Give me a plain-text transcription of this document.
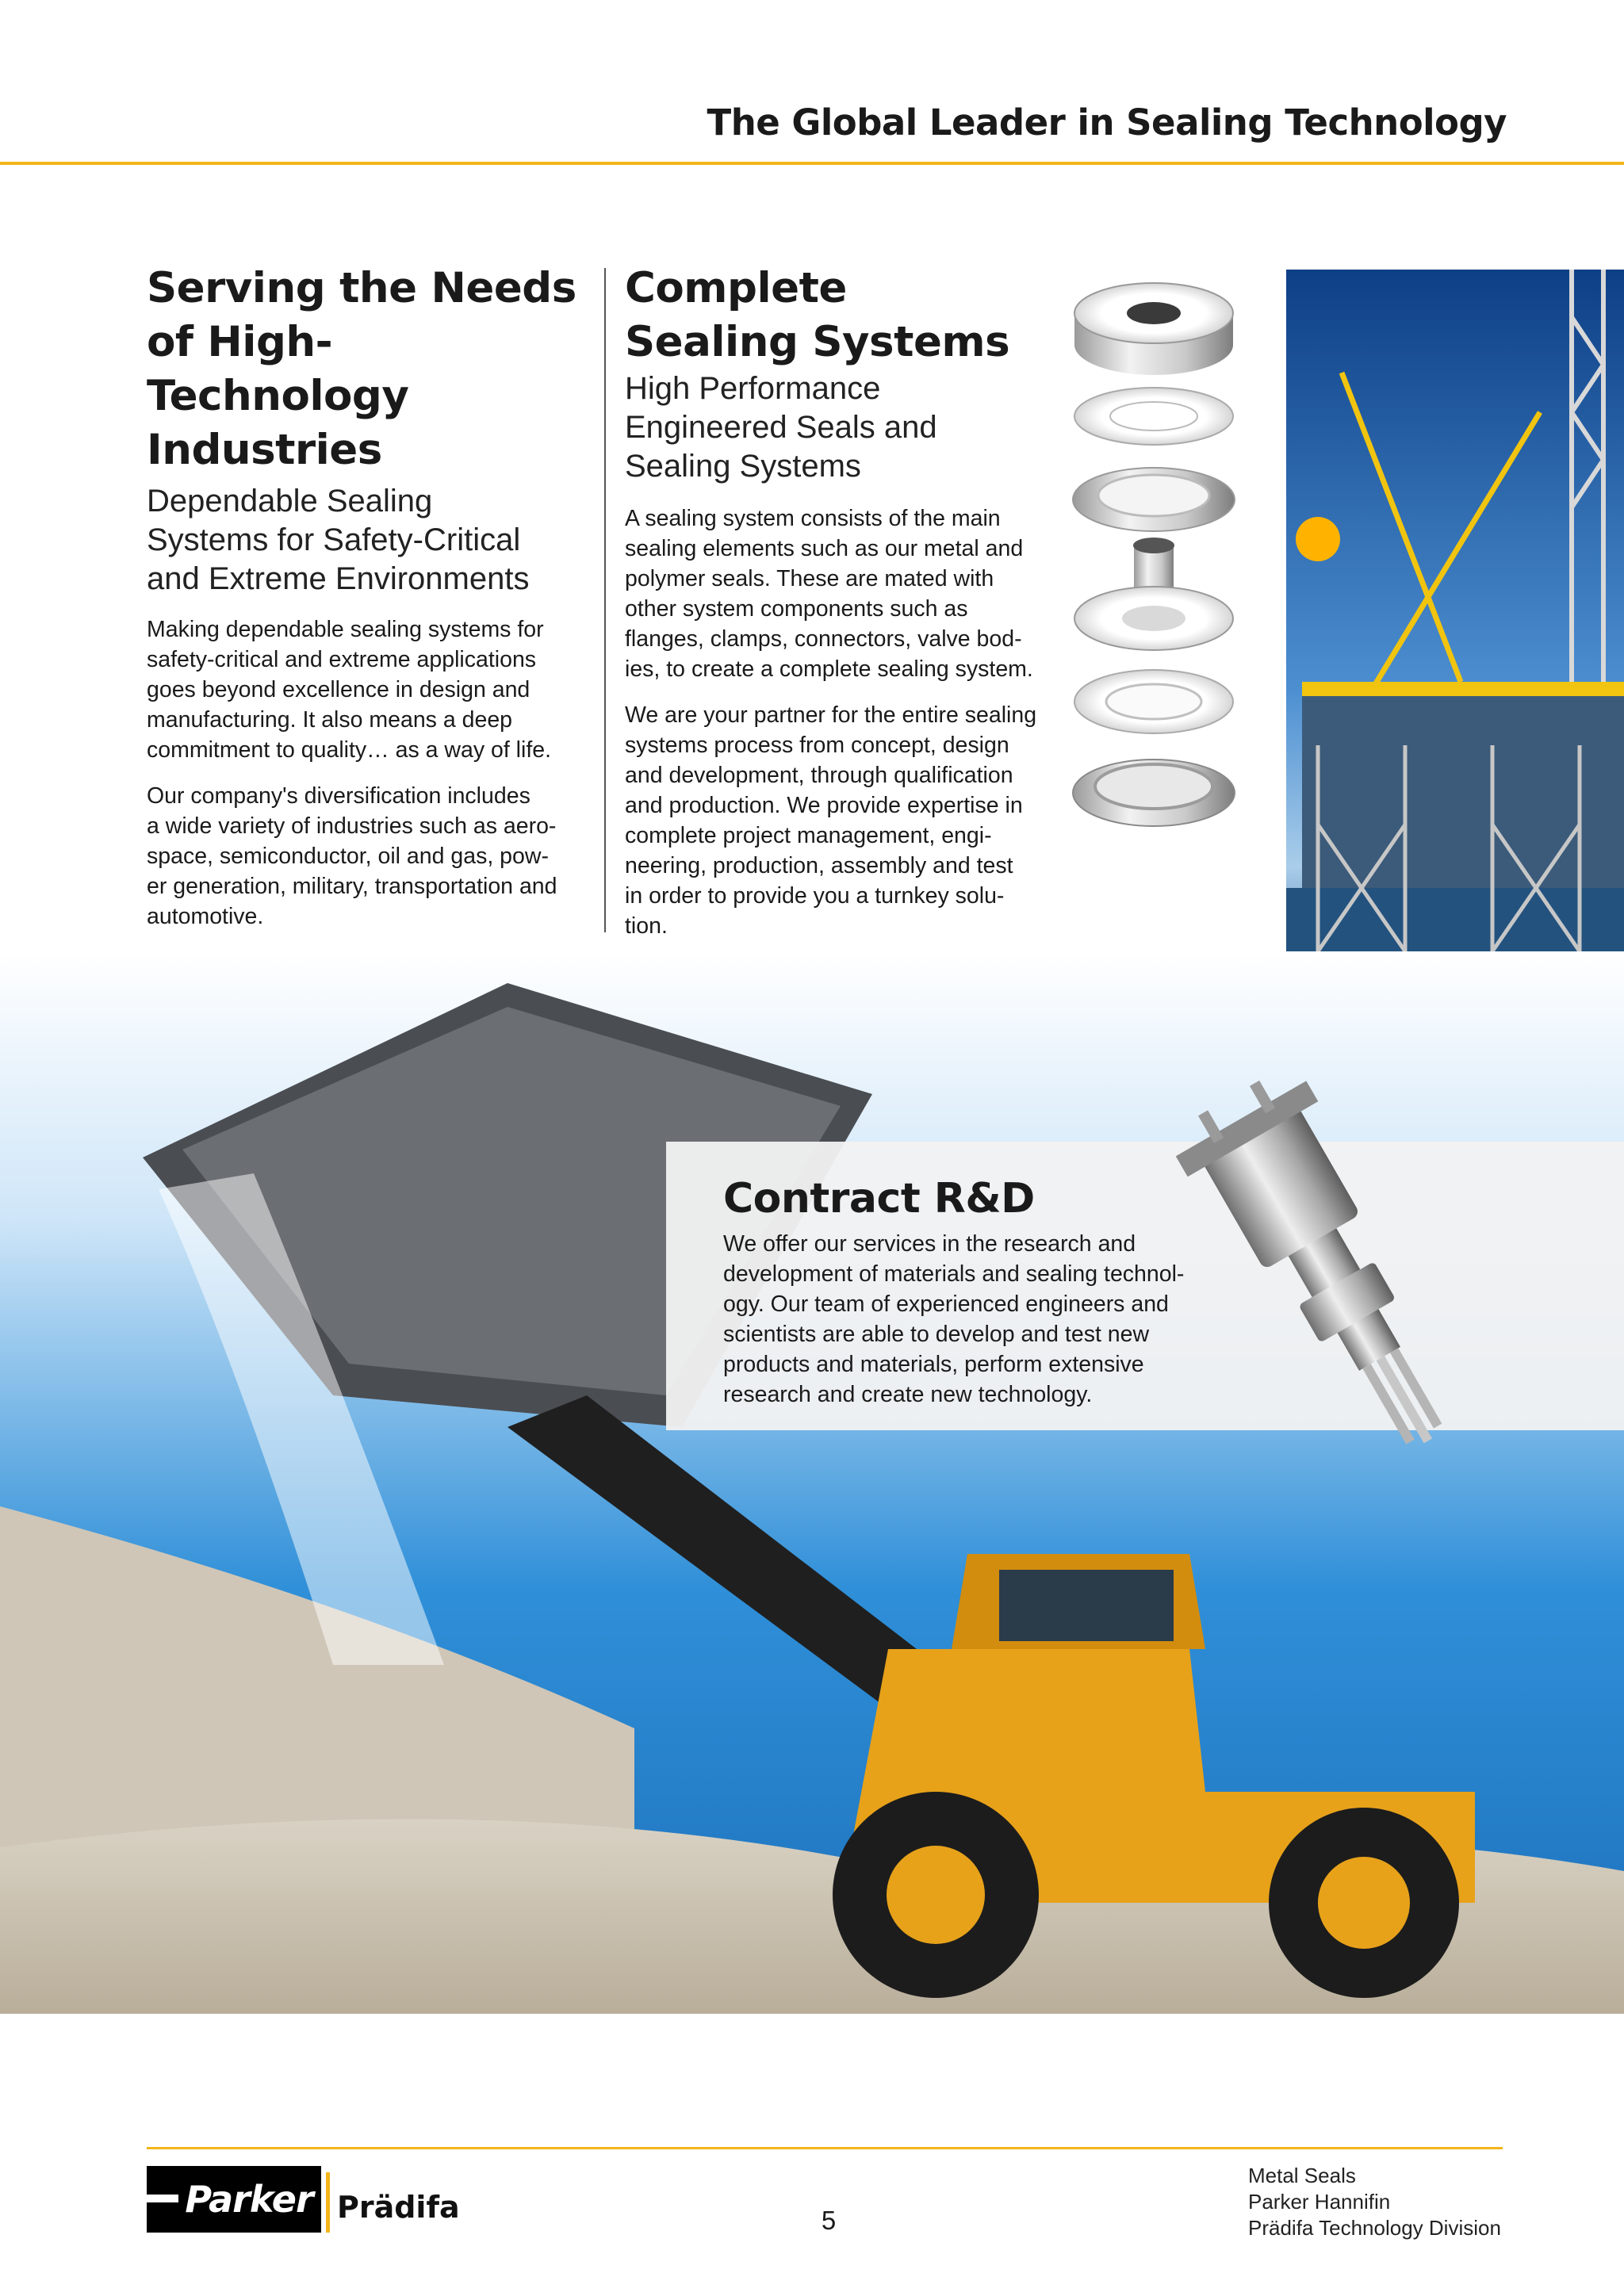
The Global Leader in Sealing Technology
Serving the Needs
of High-Technology
Industries
Dependable Sealing
Systems for Safety-Critical
and Extreme Environments

Making dependable sealing systems for
safety-critical and extreme applications
goes beyond excellence in design and
manufacturing. It also means a deep
commitment to quality… as a way of life.

Our company's diversification includes
a wide variety of industries such as aero-
space, semiconductor, oil and gas, pow-
er generation, military, transportation and
automotive.

Complete
Sealing Systems
High Performance
Engineered Seals and
Sealing Systems

A sealing system consists of the main
sealing elements such as our metal and
polymer seals. These are mated with
other system components such as
flanges, clamps, connectors, valve bod-
ies, to create a complete sealing system.

We are your partner for the entire sealing
systems process from concept, design
and development, through qualification
and production. We provide expertise in
complete project management, engi-
neering, production, assembly and test
in order to provide you a turnkey solu-
tion.

Contract R&D

We offer our services in the research and
development of materials and sealing technol-
ogy. Our team of experienced engineers and
scientists are able to develop and test new
products and materials, perform extensive
research and create new technology.

Parker Prädifa	5
Metal Seals
Parker Hannifin
Prädifa Technology Division
